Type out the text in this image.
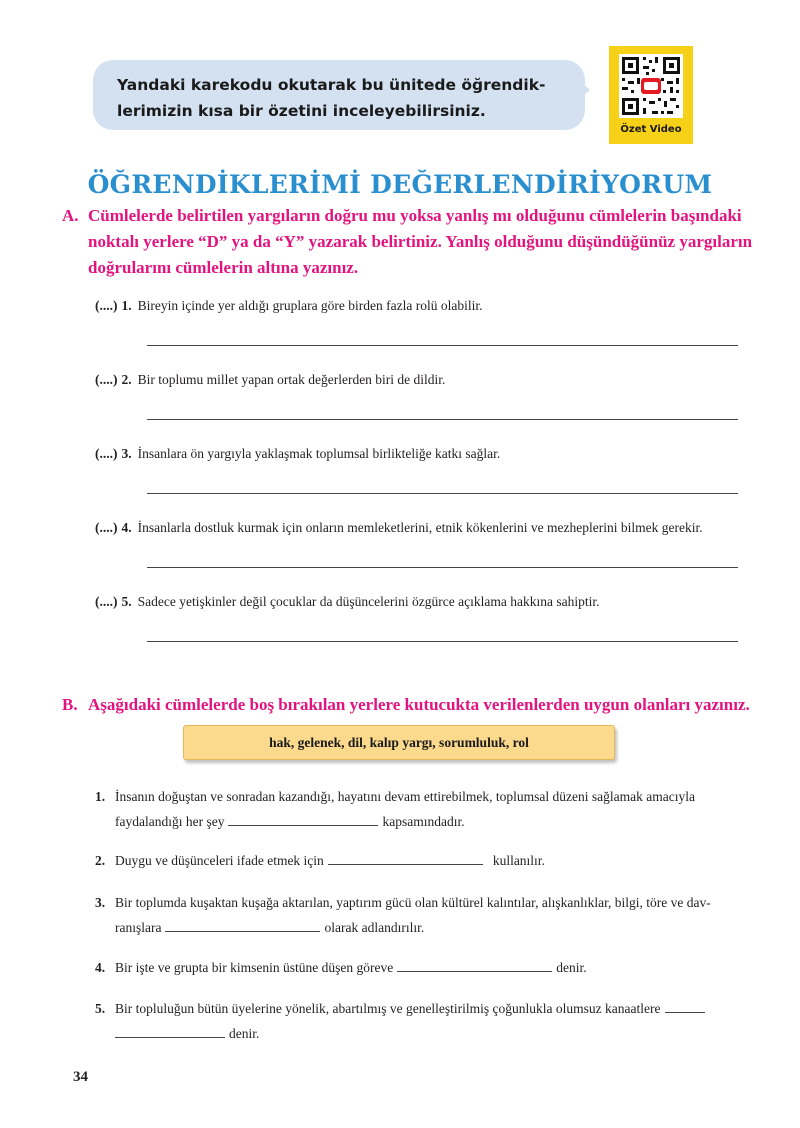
Yandaki karekodu okutarak bu ünitede öğrendik-
lerimizin kısa bir özetini inceleyebilirsiniz.
Özet Video
ÖĞRENDİKLERİMİ DEĞERLENDİRİYORUM
A. Cümlelerde belirtilen yargıların doğru mu yoksa yanlış mı olduğunu cümlelerin başındaki
noktalı yerlere “D” ya da “Y” yazarak belirtiniz. Yanlış olduğunu düşündüğünüz yargıların
doğrularını cümlelerin altına yazınız.
(....) 1. Bireyin içinde yer aldığı gruplara göre birden fazla rolü olabilir.
(....) 2. Bir toplumu millet yapan ortak değerlerden biri de dildir.
(....) 3. İnsanlara ön yargıyla yaklaşmak toplumsal birlikteliğe katkı sağlar.
(....) 4. İnsanlarla dostluk kurmak için onların memleketlerini, etnik kökenlerini ve mezheplerini bilmek gerekir.
(....) 5. Sadece yetişkinler değil çocuklar da düşüncelerini özgürce açıklama hakkına sahiptir.
B. Aşağıdaki cümlelerde boş bırakılan yerlere kutucukta verilenlerden uygun olanları yazınız.
hak, gelenek, dil, kalıp yargı, sorumluluk, rol
1. İnsanın doğuştan ve sonradan kazandığı, hayatını devam ettirebilmek, toplumsal düzeni sağlamak amacıyla
faydalandığı her şey	kapsamındadır.
2. Duygu ve düşünceleri ifade etmek için	kullanılır.
3. Bir toplumda kuşaktan kuşağa aktarılan, yaptırım gücü olan kültürel kalıntılar, alışkanlıklar, bilgi, töre ve dav-
ranışlara	olarak adlandırılır.
4. Bir işte ve grupta bir kimsenin üstüne düşen göreve	denir.
5. Bir topluluğun bütün üyelerine yönelik, abartılmış ve genelleştirilmiş çoğunlukla olumsuz kanaatlere
denir.
34
